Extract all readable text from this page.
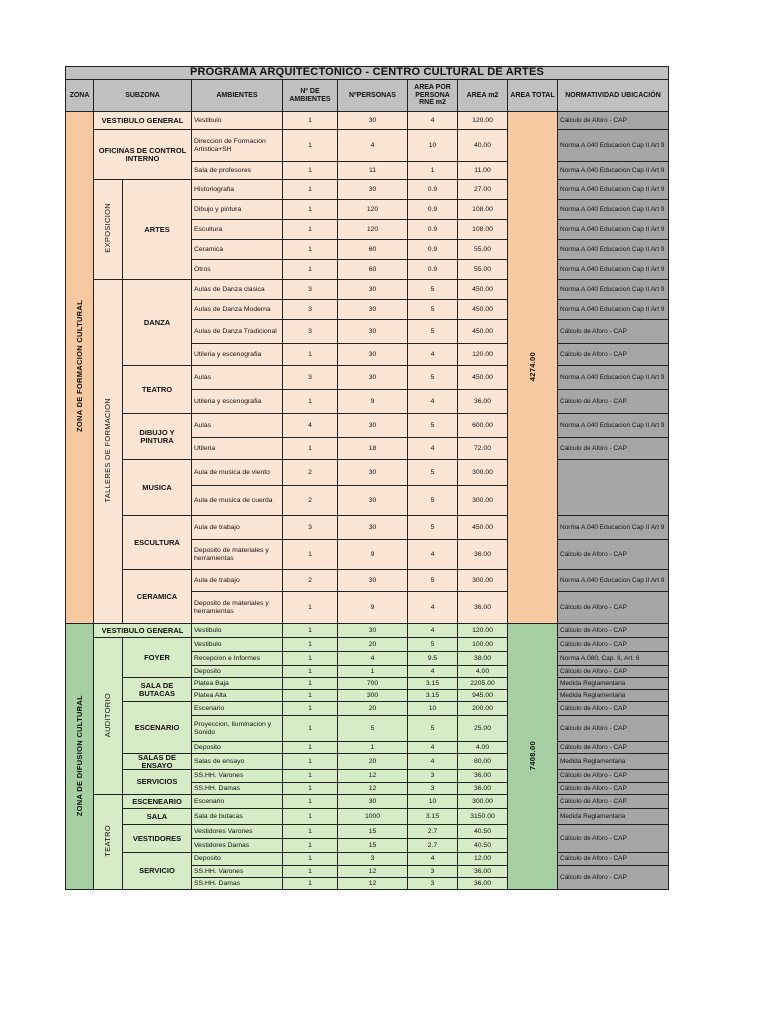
PROGRAMA ARQUITECTONICO - CENTRO CULTURAL DE ARTES										
ZONA	SUBZONA		AMBIENTES	Nº DE AMBIENTES	NºPERSONAS	AREA POR PERSONA RNE m2	AREA m2	AREA TOTAL	NORMATIVIDAD UBICACIÓN	
ZONA DE FORMACION CULTURAL	VESTIBULO GENERAL		Vestibulo	1	30	4	120.00	4274.00	Cálculo de Aforo - CAP	
	OFICINAS DE CONTROL INTERNO		Direccion de Formacion Artistica+SH	1	4	10	40.00		Norma A.040 Educacion Cap II Art 9	
			Sala de profesores	1	11	1	11.00		Norma A.040 Educacion Cap II Art 9	
	EXPOSICION	ARTES	Historiografia	1	30	0.9	27.00		Norma A.040 Educacion Cap II Art 9	
			Dibujo y pintura	1	120	0.9	108.00		Norma A.040 Educacion Cap II Art 9	
			Escultura	1	120	0.9	108.00		Norma A.040 Educacion Cap II Art 9	
			Ceramica	1	60	0.9	55.00		Norma A.040 Educacion Cap II Art 9	
			Otros	1	60	0.9	55.00		Norma A.040 Educacion Cap II Art 9	
	TALLERES DE FORMACION	DANZA	Aulas de Danza clasica	3	30	5	450.00		Norma A.040 Educacion Cap II Art 9	
			Aulas de Danza Moderna	3	30	5	450.00		Norma A.040 Educacion Cap II Art 9	
			Aulas de Danza Tradicional	3	30	5	450.00		Cálculo de Aforo - CAP	
			Utileria y escenografia	1	30	4	120.00		Cálculo de Aforo - CAP	
		TEATRO	Aulas	3	30	5	450.00		Norma A.040 Educacion Cap II Art 9	
			Utileria y escenografia	1	9	4	36.00		Cálculo de Aforo - CAP	
		DIBUJO Y PINTURA	Aulas	4	30	5	600.00		Norma A.040 Educacion Cap II Art 9	
			Utileria	1	18	4	72.00		Cálculo de Aforo - CAP	
		MUSICA	Aula de musica de viento	2	30	5	300.00			
			Aula de musica de cuerda	2	30	5	300.00			
		ESCULTURA	Aula de trabajo	3	30	5	450.00		Norma A.040 Educacion Cap II Art 9	
			Deposito de materiales y herramientas	1	9	4	36.00		Cálculo de Aforo - CAP	
		CERAMICA	Aula de trabajo	2	30	5	300.00		Norma A.040 Educacion Cap II Art 9	
			Deposito de materiales y herramientas	1	9	4	36.00		Cálculo de Aforo - CAP	
ZONA DE DIFUSION CULTURAL	VESTIBULO GENERAL		Vestibulo	1	30	4	120.00	7408.00	Cálculo de Aforo - CAP	
	AUDITORIO	FOYER	Vestibulo	1	20	5	100.00		Cálculo de Aforo - CAP	
			Recepcion e Informes	1	4	9.5	38.00		Norma A.080, Cap. II, Art. 6	
			Deposito	1	1	4	4.00		Cálculo de Aforo - CAP	
		SALA DE BUTACAS	Platea Baja	1	700	3.15	2205.00		Medida Reglamentaria	
			Platea Alta	1	300	3.15	945.00		Medida Reglamentaria	
		ESCENARIO	Escenario	1	20	10	200.00		Cálculo de Aforo - CAP	
			Proyeccion, Iluminacion y Sonido	1	5	5	25.00		Cálculo de Aforo - CAP	
			Deposito	1	1	4	4.00		Cálculo de Aforo - CAP	
		SALAS DE ENSAYO	Salas de ensayo	1	20	4	80.00		Medida Reglamentaria	
		SERVICIOS	SS.HH. Varones	1	12	3	36.00		Cálculo de Aforo - CAP	
			SS.HH. Damas	1	12	3	36.00		Cálculo de Aforo - CAP	
	TEATRO	ESCENEARIO	Escenario	1	30	10	300.00		Cálculo de Aforo - CAP	
		SALA	Sala de butacas	1	1000	3.15	3150.00		Medida Reglamentaria	
		VESTIDORES	Vestidores Varones	1	15	2.7	40.50		Cálculo de Aforo - CAP	
			Vestidores Damas	1	15	2.7	40.50			
		SERVICIO	Deposito	1	3	4	12.00		Cálculo de Aforo - CAP	
			SS.HH. Varones	1	12	3	36.00		Cálculo de Aforo - CAP	
			SS.HH. Damas	1	12	3	36.00			
